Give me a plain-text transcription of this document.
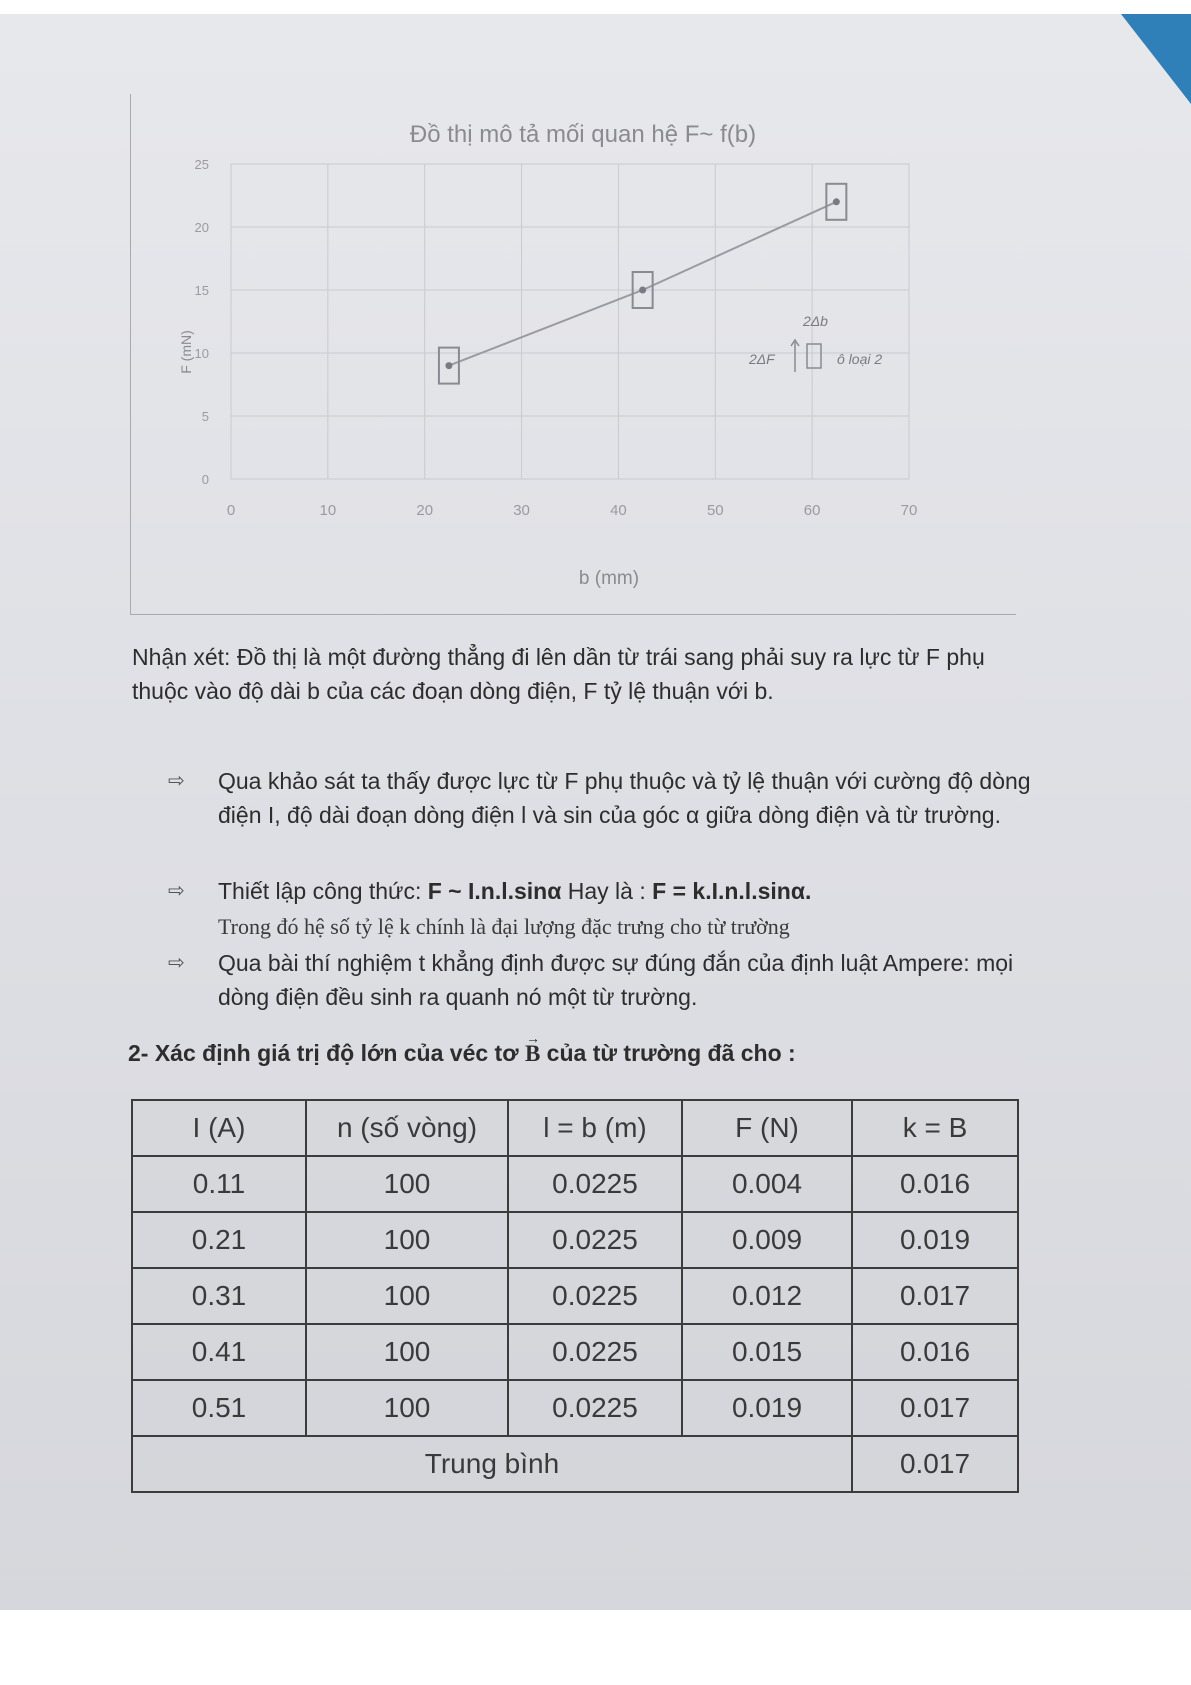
Đồ thị mô tả mối quan hệ F~ f(b)
0
5
10
15
20
25
0	10	20	30	40	50	60	70
F (mN)
b (mm)
2Δb
2ΔF	ô loại 2
Nhận xét: Đồ thị là một đường thẳng đi lên dần từ trái sang phải suy ra lực từ F phụ thuộc vào độ dài b của các đoạn dòng điện, F tỷ lệ thuận với b.
⇨ Qua khảo sát ta thấy được lực từ F phụ thuộc và tỷ lệ thuận với cường độ dòng điện I, độ dài đoạn dòng điện l và sin của góc α giữa dòng điện và từ trường.
⇨ Thiết lập công thức: F ~ I.n.l.sinα Hay là : F = k.I.n.l.sinα.
Trong đó hệ số tỷ lệ k chính là đại lượng đặc trưng cho từ trường
⇨ Qua bài thí nghiệm t khẳng định được sự đúng đắn của định luật Ampere: mọi dòng điện đều sinh ra quanh nó một từ trường.
2- Xác định giá trị độ lớn của véc tơ → B của từ trường đã cho :
I (A)	n (số vòng)	l = b (m)	F (N)	k = B
0.11	100	0.0225	0.004	0.016
0.21	100	0.0225	0.009	0.019
0.31	100	0.0225	0.012	0.017
0.41	100	0.0225	0.015	0.016
0.51	100	0.0225	0.019	0.017
Trung bình				0.017
